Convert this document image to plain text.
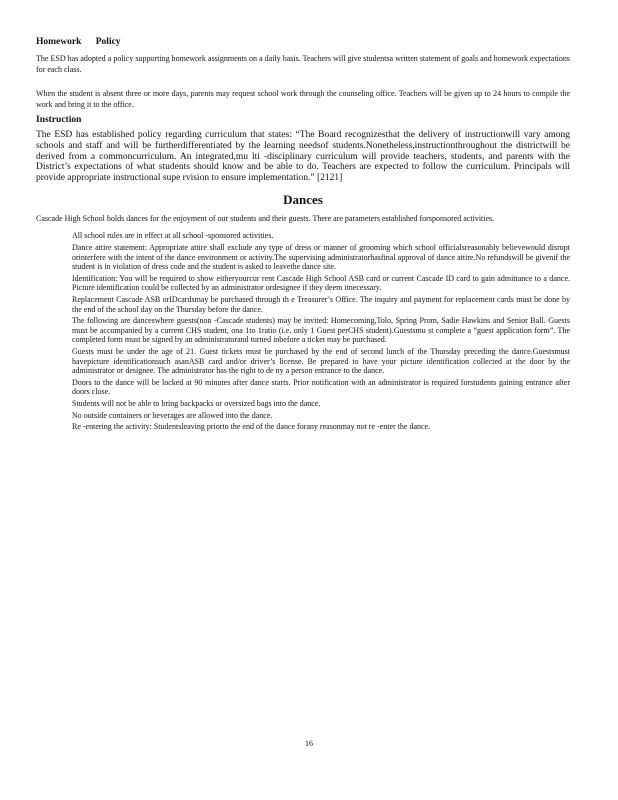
Homework Policy

The ESD has adopted a policy supporting homework assignments on a daily basis. Teachers will give studentsa written statement of goals and homework expectations for each class.

When the student is absent three or more days, parents may request school work through the counseling office. Teachers will be given up to 24 hours to compile the work and bring it to the office.

Instruction

The ESD has established policy regarding curriculum that states: “The Board recognizesthat the delivery of instructionwill vary among schools and staff and will be furtherdifferentiated by the learning needsof students.Nonetheless,instructionthroughout the districtwill be derived from a commoncurriculum. An integrated,mu lti -disciplinary curriculum will provide teachers, students, and parents with the District’s expectations of what students should know and be able to do. Teachers are expected to follow the curriculum. Principals will provide appropriate instructional supe rvision to ensure implementation.” [2121]

Dances

Cascade High School holds dances for the enjoyment of our students and their guests. There are parameters established forsponsored activities.

All school rules are in effect at all school -sponsored activities.
Dance attire statement: Appropriate attire shall exclude any type of dress or manner of grooming which school officialsreasonably believewould disrupt orinterfere with the intent of the dance environment or activity.The supervising administratorhasfinal approval of dance attire.No refundswill be givenif the student is in violation of dress code and the student is asked to leavethe dance site.
Identification: You will be required to show eitheryourcur rent Cascade High School ASB card or current Cascade ID card to gain admittance to a dance. Picture identification could be collected by an administrator ordesignee if they deem itnecessary.
Replacement Cascade ASB orIDcardsmay be purchased through th e Treasurer’s Office. The inquiry and payment for replacement cards must be done by the end of the school day on the Thursday before the dance.
The following are danceswhere guests(non -Cascade students) may be invited: Homecoming,Tolo, Spring Prom, Sadie Hawkins and Senior Ball. Guests must be accompanied by a current CHS student, ona 1to 1ratio (i.e. only 1 Guest perCHS student).Guestsmu st complete a “guest application form”. The completed form must be signed by an administratorand turned inbefore a ticket may be purchased.
Guests must be under the age of 21. Guest tickets must be purchased by the end of second lunch of the Thursday preceding the dance.Guestsmust havepicture identificationsuch asanASB card and/or driver’s license. Be prepared to have your picture identification collected at the door by the administrator or designee. The administrator has the right to de ny a person entrance to the dance.
Doors to the dance will be locked at 90 minutes after dance starts. Prior notification with an administrator is required forstudents gaining entrance after doors close.
Students will not be able to bring backpacks or oversized bags into the dance.
No outside containers or beverages are allowed into the dance.
Re -entering the activity: Studentsleaving priorto the end of the dance forany reasonmay not re -enter the dance.
16
